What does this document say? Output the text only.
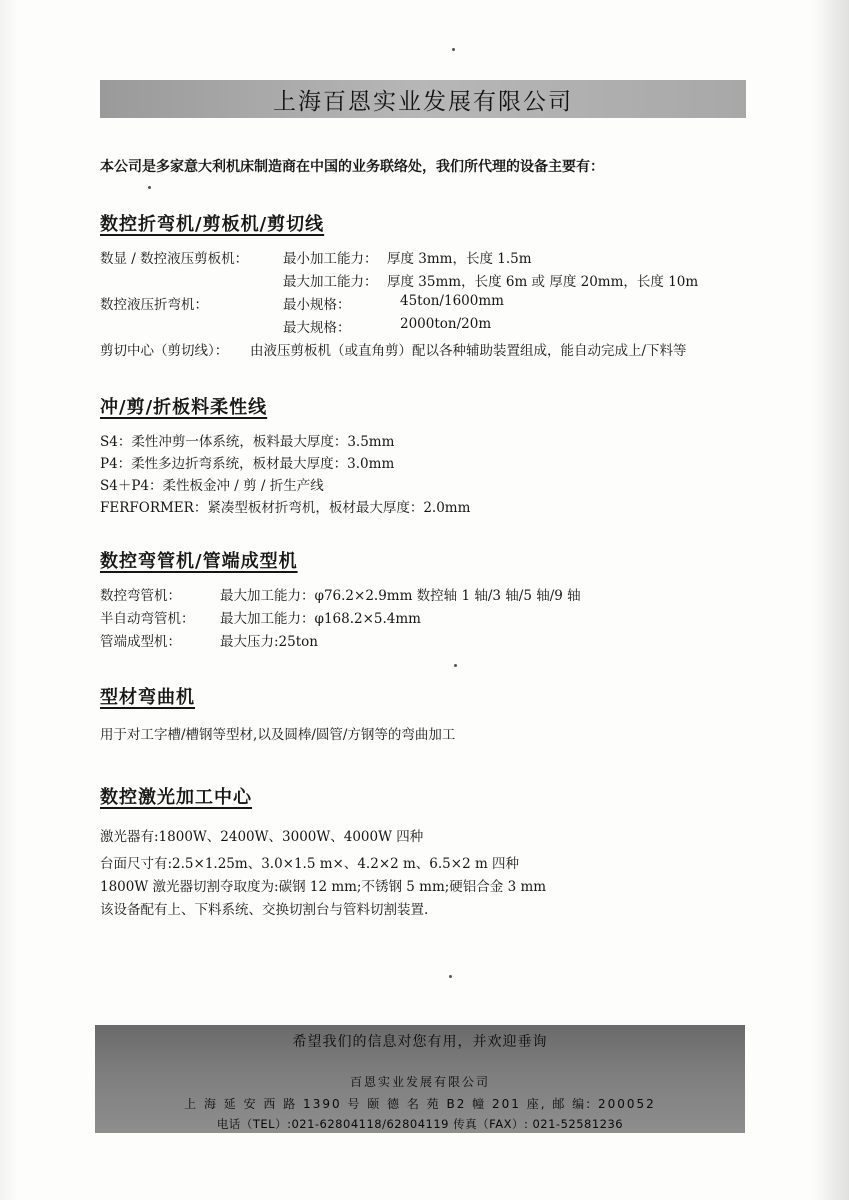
上海百恩实业发展有限公司
本公司是多家意大利机床制造商在中国的业务联络处，我们所代理的设备主要有：
数控折弯机/剪板机/剪切线
数显 / 数控液压剪板机：	最小加工能力： 厚度 3mm，长度 1.5m
最大加工能力： 厚度 35mm，长度 6m 或 厚度 20mm，长度 10m
数控液压折弯机：	最小规格：	45ton/1600mm
最大规格：	2000ton/20m
剪切中心（剪切线）： 由液压剪板机（或直角剪）配以各种辅助装置组成，能自动完成上/下料等
冲/剪/折板料柔性线
S4：柔性冲剪一体系统，板料最大厚度：3.5mm
P4：柔性多边折弯系统，板材最大厚度：3.0mm
S4＋P4：柔性板金冲 / 剪 / 折生产线
FERFORMER：紧凑型板材折弯机，板材最大厚度：2.0mm
数控弯管机/管端成型机
数控弯管机：	最大加工能力：φ76.2×2.9mm 数控轴 1 轴/3 轴/5 轴/9 轴
半自动弯管机： 最大加工能力：φ168.2×5.4mm
管端成型机：	最大压力:25ton
型材弯曲机
用于对工字槽/槽钢等型材,以及圆棒/圆管/方钢等的弯曲加工
数控激光加工中心
激光器有:1800W、2400W、3000W、4000W 四种
台面尺寸有:2.5×1.25m、3.0×1.5 m×、4.2×2 m、6.5×2 m 四种
1800W 激光器切割夺取度为:碳钢 12 mm;不锈钢 5 mm;硬铝合金 3 mm
该设备配有上、下料系统、交换切割台与管料切割装置.
希望我们的信息对您有用，并欢迎垂询
百恩实业发展有限公司
上 海 延 安 西 路 1390 号 颐 德 名 苑 B2 幢 201 座, 邮 编: 200052
电话（TEL）:021-62804118/62804119 传真（FAX）: 021-52581236
